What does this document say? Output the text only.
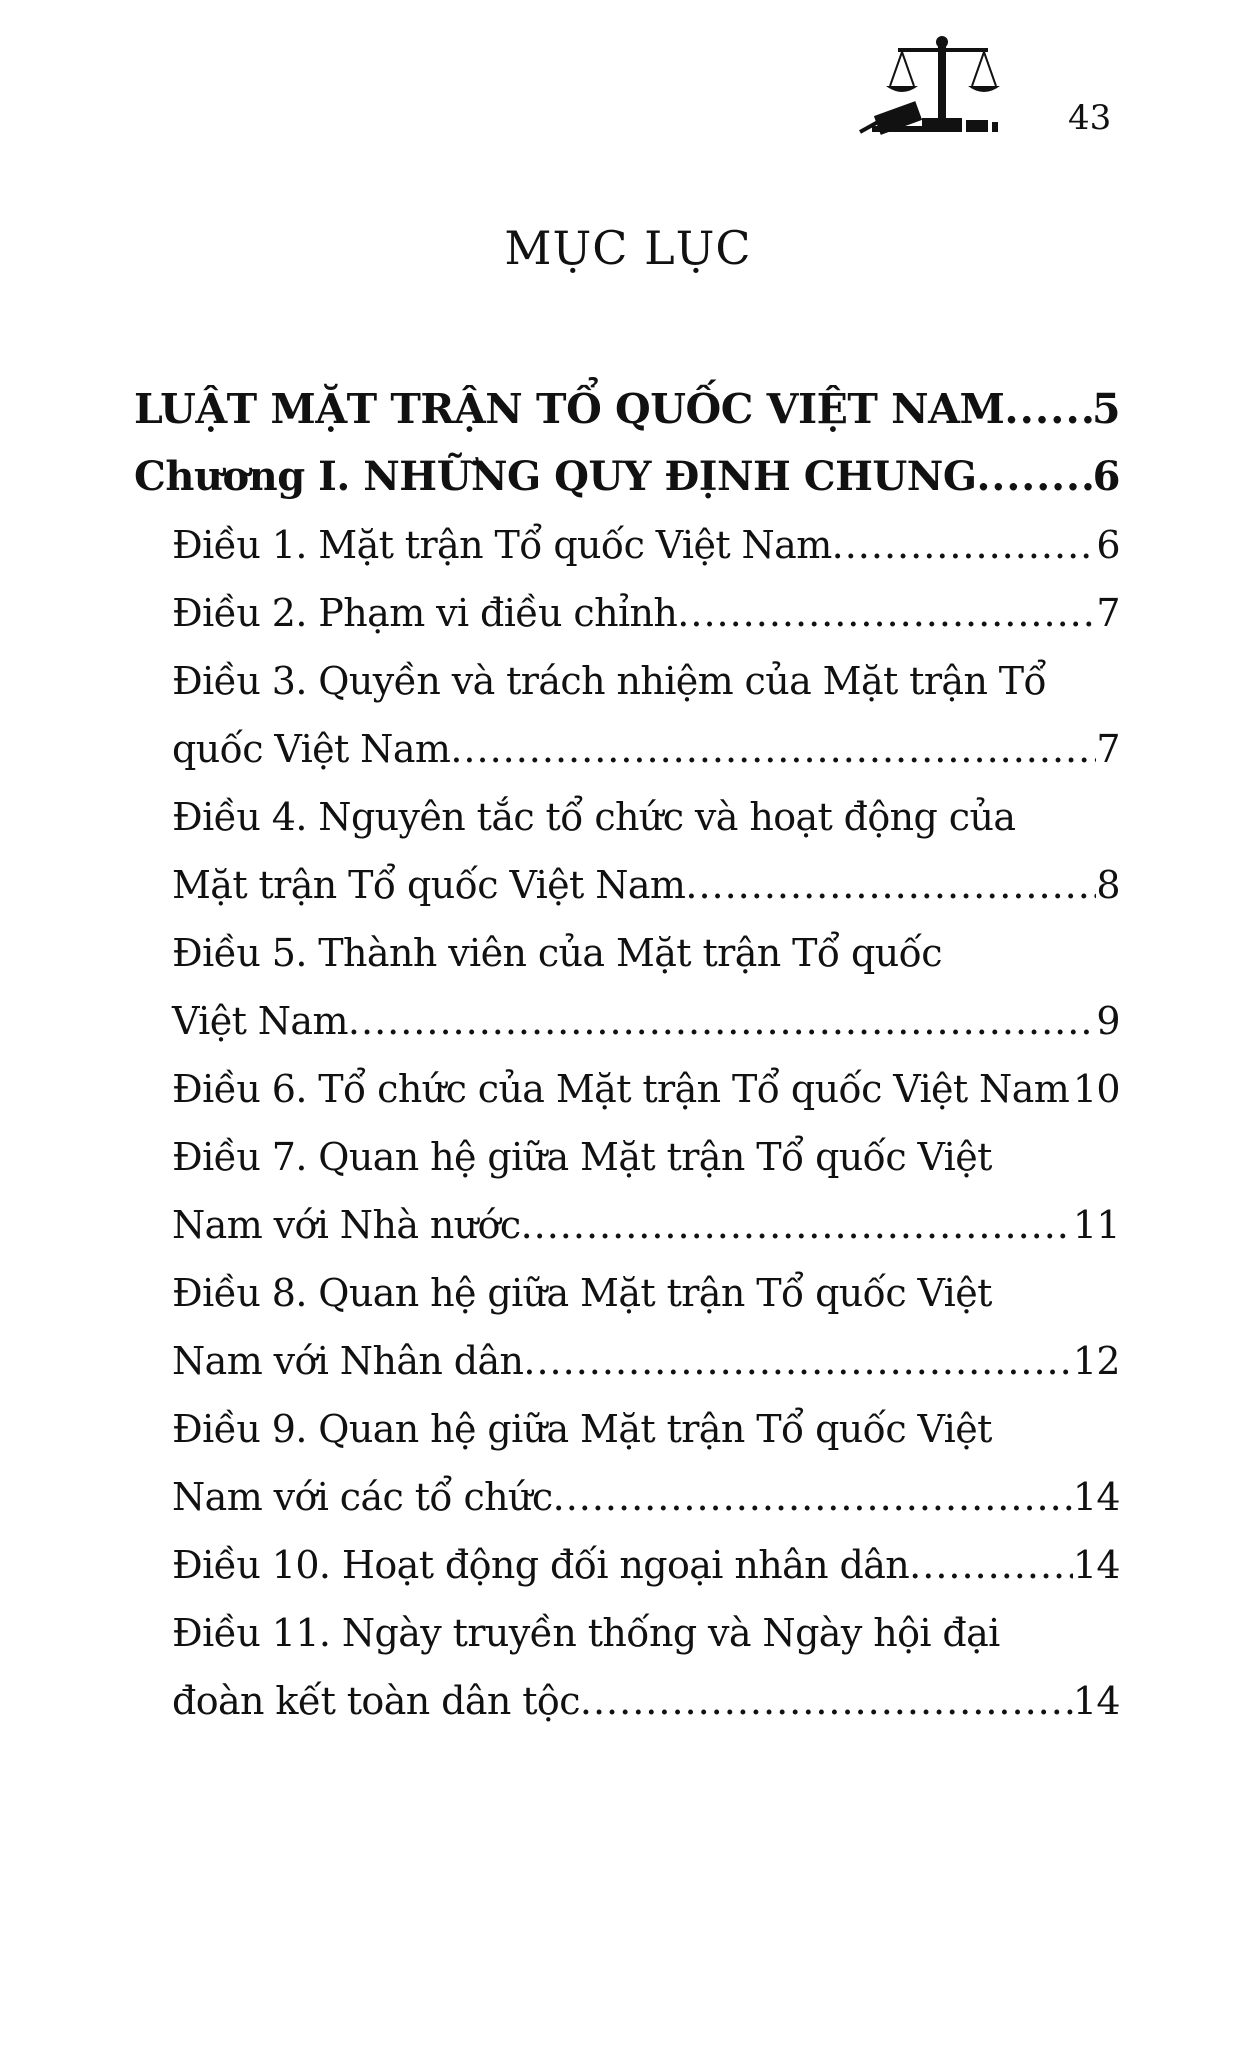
43
MỤC LỤC
LUẬT MẶT TRẬN TỔ QUỐC VIỆT NAM ..... 5
Chương I. NHỮNG QUY ĐỊNH CHUNG .....	6
Điều 1. Mặt trận Tổ quốc Việt Nam .....	6
Điều 2. Phạm vi điều chỉnh .....	7
Điều 3. Quyền và trách nhiệm của Mặt trận Tổ
quốc Việt Nam .....	7
Điều 4. Nguyên tắc tổ chức và hoạt động của
Mặt trận Tổ quốc Việt Nam .....	8
Điều 5. Thành viên của Mặt trận Tổ quốc
Việt Nam .....	9
Điều 6. Tổ chức của Mặt trận Tổ quốc Việt Nam ..... 10
Điều 7. Quan hệ giữa Mặt trận Tổ quốc Việt
Nam với Nhà nước .....	11
Điều 8. Quan hệ giữa Mặt trận Tổ quốc Việt
Nam với Nhân dân .....	12
Điều 9. Quan hệ giữa Mặt trận Tổ quốc Việt
Nam với các tổ chức .....	14
Điều 10. Hoạt động đối ngoại nhân dân .....	14
Điều 11. Ngày truyền thống và Ngày hội đại
đoàn kết toàn dân tộc .....	14
